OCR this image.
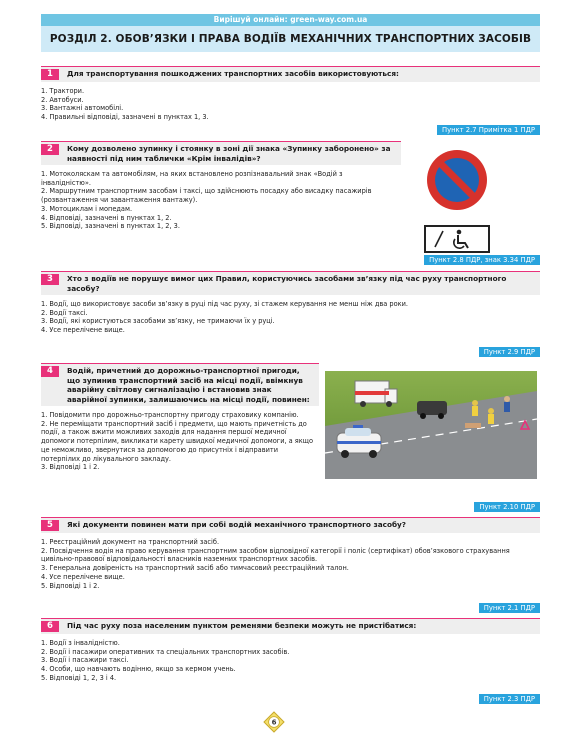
Вирішуй онлайн: green-way.com.ua
РОЗДІЛ 2. ОБОВ’ЯЗКИ І ПРАВА ВОДІЇВ МЕХАНІЧНИХ ТРАНСПОРТНИХ ЗАСОБІВ
1	Для транспортування пошкоджених транспортних засобів використовуються:
1. Трактори.
2. Автобуси.
3. Вантажні автомобілі.
4. Правильні відповіді, зазначені в пунктах 1, 3.
Пункт 2.7 Примітка 1 ПДР
2	Кому дозволено зупинку і стоянку в зоні дії знака «Зупинку заборонено» за наявності під ним таблички «Крім інвалідів»?
1. Мотоколяскам та автомобілям, на яких встановлено розпізнавальний знак «Водій з інвалідністю».
2. Маршрутним транспортним засобам і таксі, що здійснюють посадку або висадку пасажирів (розвантаження чи завантаження вантажу).
3. Мотоциклам і мопедам.
4. Відповіді, зазначені в пунктах 1, 2.
5. Відповіді, зазначені в пунктах 1, 2, 3.
Пункт 2.8 ПДР, знак 3.34 ПДР
3	Хто з водіїв не порушує вимог цих Правил, користуючись засобами зв’язку під час руху транспортного засобу?
1. Водії, що використовує засоби зв’язку в руці під час руху, зі стажем керування не менш ніж два роки.
2. Водії таксі.
3. Водії, які користуються засобами зв’язку, не тримаючи їх у руці.
4. Усе перелічене вище.
Пункт 2.9 ПДР
4	Водій, причетний до дорожньо-транспортної пригоди, що зупинив транспортний засіб на місці події, ввімкнув аварійну світлову сигналізацію і встановив знак аварійної зупинки, залишаючись на місці події, повинен:
1. Повідомити про дорожньо-транспортну пригоду страховику компанію.
2. Не переміщати транспортний засіб і предмети, що мають причетність до події, а також вжити можливих заходів для надання першої медичної допомоги потерпілим, викликати карету швидкої медичної допомоги, а якщо це неможливо, звернутися за допомогою до присутніх і відправити потерпілих до лікувального закладу.
3. Відповіді 1 і 2.
Пункт 2.10 ПДР
5	Які документи повинен мати при собі водій механічного транспортного засобу?
1. Реєстраційний документ на транспортний засіб.
2. Посвідчення водія на право керування транспортним засобом відповідної категорії і поліс (сертифікат) обов’язкового страхування цивільно-правової відповідальності власників наземних транспортних засобів.
3. Генеральна довіреність на транспортний засіб або тимчасовий реєстраційний талон.
4. Усе перелічене вище.
5. Відповіді 1 і 2.
Пункт 2.1 ПДР
6	Під час руху поза населеним пунктом ременями безпеки можуть не пристібатися:
1. Водії з інвалідністю.
2. Водії і пасажири оперативних та спеціальних транспортних засобів.
3. Водії і пасажири таксі.
4. Особи, що навчають водінню, якщо за кермом учень.
5. Відповіді 1, 2, 3 і 4.
Пункт 2.3 ПДР
6
